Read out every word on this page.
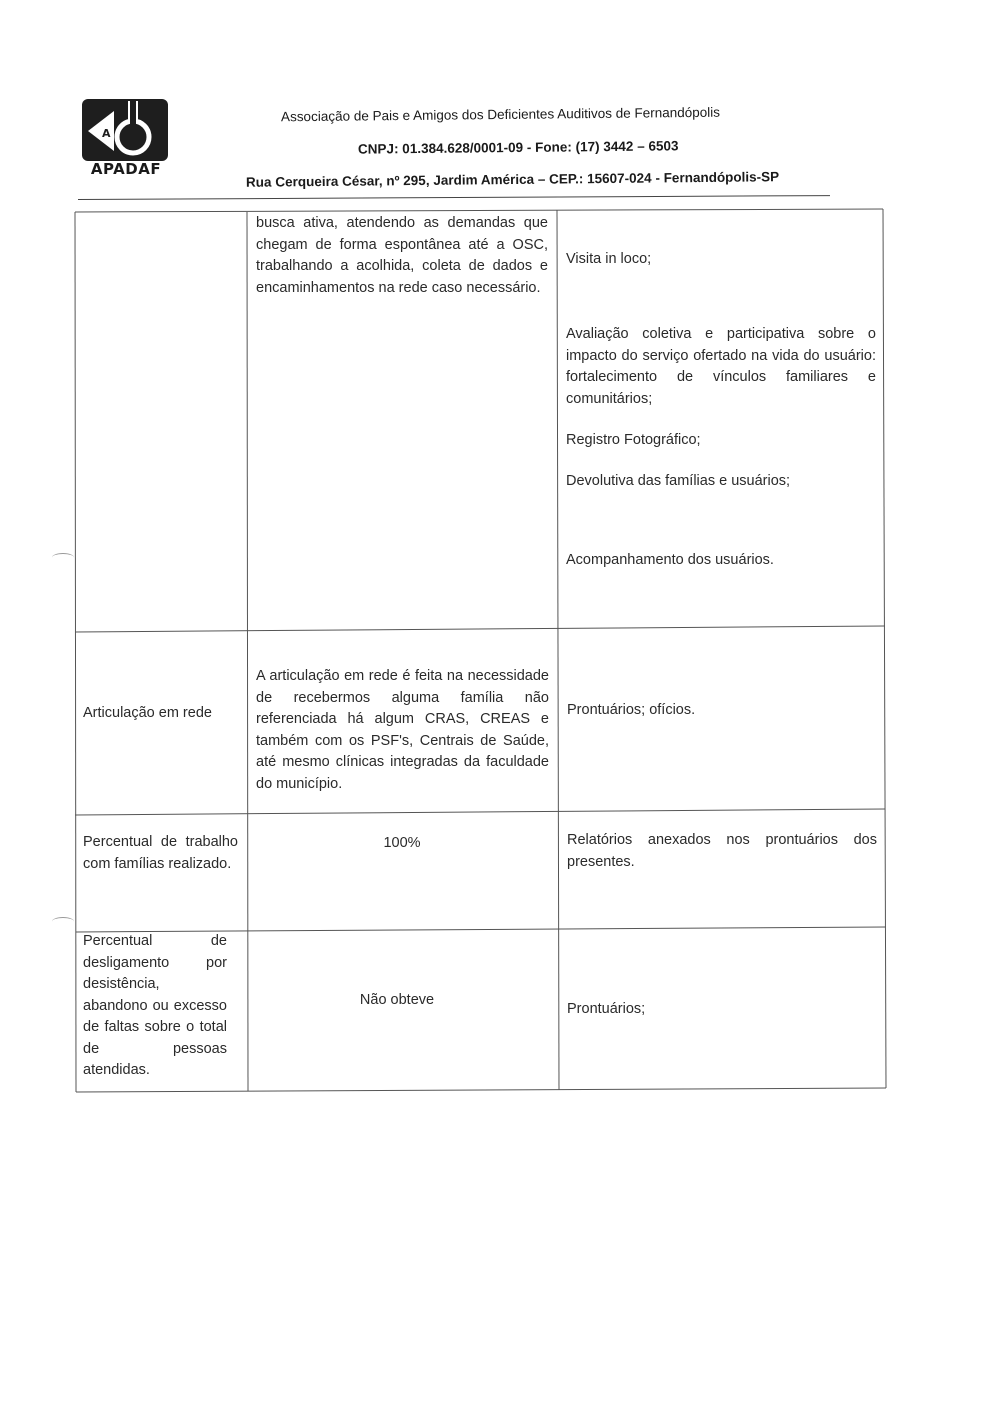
A
APADAF
Associação de Pais e Amigos dos Deficientes Auditivos de Fernandópolis
CNPJ: 01.384.628/0001-09 - Fone: (17) 3442 – 6503
Rua Cerqueira César, nº 295, Jardim América – CEP.: 15607-024 - Fernandópolis-SP

busca ativa, atendendo as demandas que chegam de forma espontânea até a OSC, trabalhando a acolhida, coleta de dados e encaminhamentos na rede caso necessário.

Visita in loco;

Avaliação coletiva e participativa sobre o impacto do serviço ofertado na vida do usuário: fortalecimento de vínculos familiares e comunitários;

Registro Fotográfico;

Devolutiva das famílias e usuários;

Acompanhamento dos usuários.

Articulação em rede

A articulação em rede é feita na necessidade de recebermos alguma família não referenciada há algum CRAS, CREAS e também com os PSF's, Centrais de Saúde, até mesmo clínicas integradas da faculdade do município.

Prontuários; ofícios.
Percentual de trabalho com famílias realizado.
100%	Relatórios anexados nos prontuários dos presentes.
Percentual de desligamento por desistência, abandono ou excesso de faltas sobre o total de pessoas atendidas.
Não obteve
Prontuários;
